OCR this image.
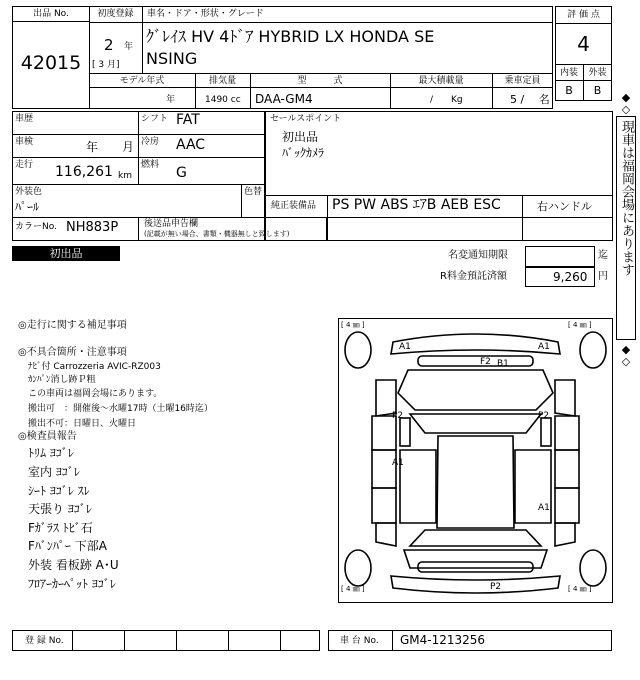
出品 No.
42015
初度登録
2 年
[ 3 月]
車名・ドア・形状・グレード
ｸﾞﾚｲｽ HV 4ﾄﾞｱ HYBRID LX HONDA SE
NSING
モデル年式
年
排気量
1490 cc
型　　　式
DAA-GM4
最大積載量
/　　Kg
乗車定員
5 /　 名
評 価 点
4
内装	外装
B	B
車歴	シフト FAT
車検	年　　月 冷房 AAC
走行 116,261 km
燃料 G
外装色
ﾊﾟｰﾙ
色替
カラーNo. NH883P	後送品申告欄
(記載が無い場合、書類・機器無しと致します)
セールスポイント
初出品
ﾊﾞｯｸｶﾒﾗ
純正装備品 PS PW ABS ｴｱB AEB ESC	右ハンドル
初出品	名変通知期限	迄
R料金預託済額	9,260 円
◎走行に関する補足事項
◎不具合箇所・注意事項
ﾅﾋﾞ付 Carrozzeria AVIC-RZ003
ｶﾝﾊﾟﾝ消し跡Ｐ粗
この車両は福岡会場にあります。
搬出可　：開催後～水曜17時（土曜16時迄）
搬出不可：日曜日、火曜日
◎検査員報告
ﾄﾘﾑ ﾖｺﾞﾚ
室内 ﾖｺﾞﾚ
ｼｰﾄ ﾖｺﾞﾚ ｽﾚ
天張り ﾖｺﾞﾚ
Fｶﾞﾗｽ ﾄﾋﾞ石
Fﾊﾞﾝﾊﾟｰ 下部A
外装 看板跡 A･U
ﾌﾛｱｰｶｰﾍﾟｯﾄ ﾖｺﾞﾚ
[ 4 ㎜ ]	[ 4 ㎜ ]
[ 4 ㎜ ]	[ 4 ㎜ ]
A1	A1
F2 B1
P2	P2
A1
A1
P2
◆
◇
現車は福岡会場にあります
◆
◇
登 録 No.	車 台 No. GM4-1213256
